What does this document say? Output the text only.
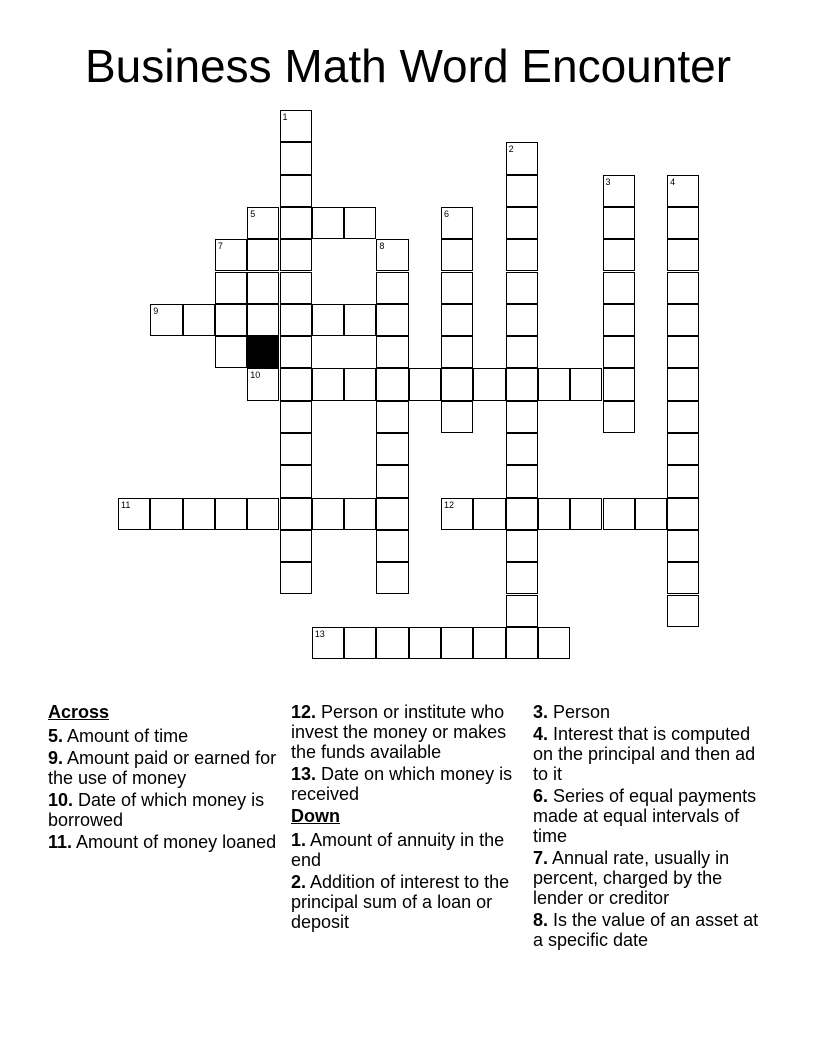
Business Math Word Encounter
5
9
10
11	12
13
1
2
3	4
6
7	8
Across
5. Amount of time
9. Amount paid or earned for the use of money
10. Date of which money is borrowed
11. Amount of money loaned
12. Person or institute who invest the money or makes the funds available
13. Date on which money is received
Down
1. Amount of annuity in the end
2. Addition of interest to the principal sum of a loan or deposit
3. Person
4. Interest that is computed on the principal and then ad to it
6. Series of equal payments made at equal intervals of time
7. Annual rate, usually in percent, charged by the lender or creditor
8. Is the value of an asset at a specific date
